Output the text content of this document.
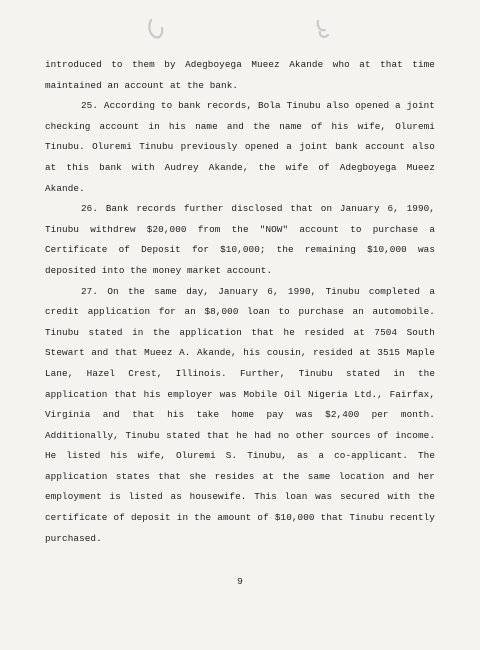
introduced to them by Adegboyega Mueez Akande who at that time maintained an account at the bank.

25. According to bank records, Bola Tinubu also opened a joint checking account in his name and the name of his wife, Oluremi Tinubu. Oluremi Tinubu previously opened a joint bank account also at this bank with Audrey Akande, the wife of Adegboyega Mueez Akande.

26. Bank records further disclosed that on January 6, 1990, Tinubu withdrew $20,000 from the "NOW" account to purchase a Certificate of Deposit for $10,000; the remaining $10,000 was deposited into the money market account.

27. On the same day, January 6, 1990, Tinubu completed a credit application for an $8,000 loan to purchase an automobile. Tinubu stated in the application that he resided at 7504 South Stewart and that Mueez A. Akande, his cousin, resided at 3515 Maple Lane, Hazel Crest, Illinois. Further, Tinubu stated in the application that his employer was Mobile Oil Nigeria Ltd., Fairfax, Virginia and that his take home pay was $2,400 per month. Additionally, Tinubu stated that he had no other sources of income. He listed his wife, Oluremi S. Tinubu, as a co-applicant. The application states that she resides at the same location and her employment is listed as housewife. This loan was secured with the certificate of deposit in the amount of $10,000 that Tinubu recently purchased.

9
